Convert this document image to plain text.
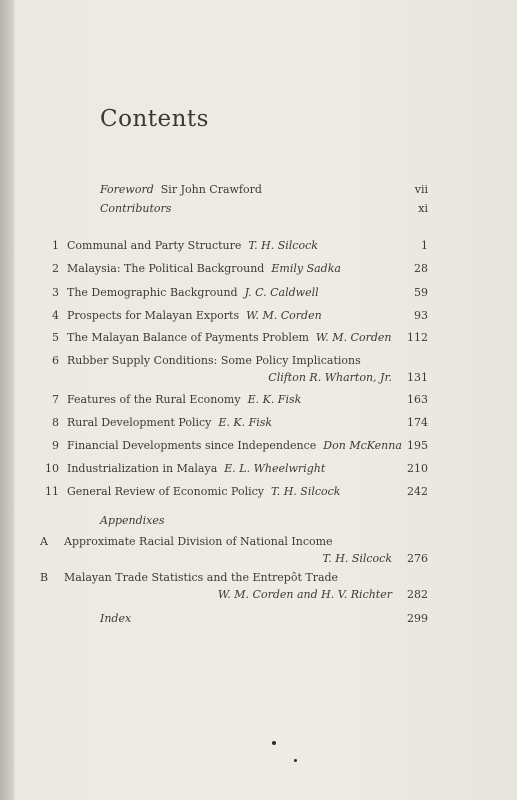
Contents
Foreword Sir John Crawford	vii
Contributors	xi
1 Communal and Party Structure T. H. Silcock	1
2 Malaysia: The Political Background Emily Sadka	28
3 The Demographic Background J. C. Caldwell	59
4 Prospects for Malayan Exports W. M. Corden	93
5 The Malayan Balance of Payments Problem W. M. Corden 112
6 Rubber Supply Conditions: Some Policy Implications
Clifton R. Wharton, Jr. 131
7 Features of the Rural Economy E. K. Fisk	163
8 Rural Development Policy E. K. Fisk	174
9 Financial Developments since Independence Don McKenna 195
10 Industrialization in Malaya E. L. Wheelwright	210
11 General Review of Economic Policy T. H. Silcock	242
Appendixes
A Approximate Racial Division of National Income
T. H. Silcock 276
B Malayan Trade Statistics and the Entrepôt Trade
W. M. Corden and H. V. Richter 282
Index	299
